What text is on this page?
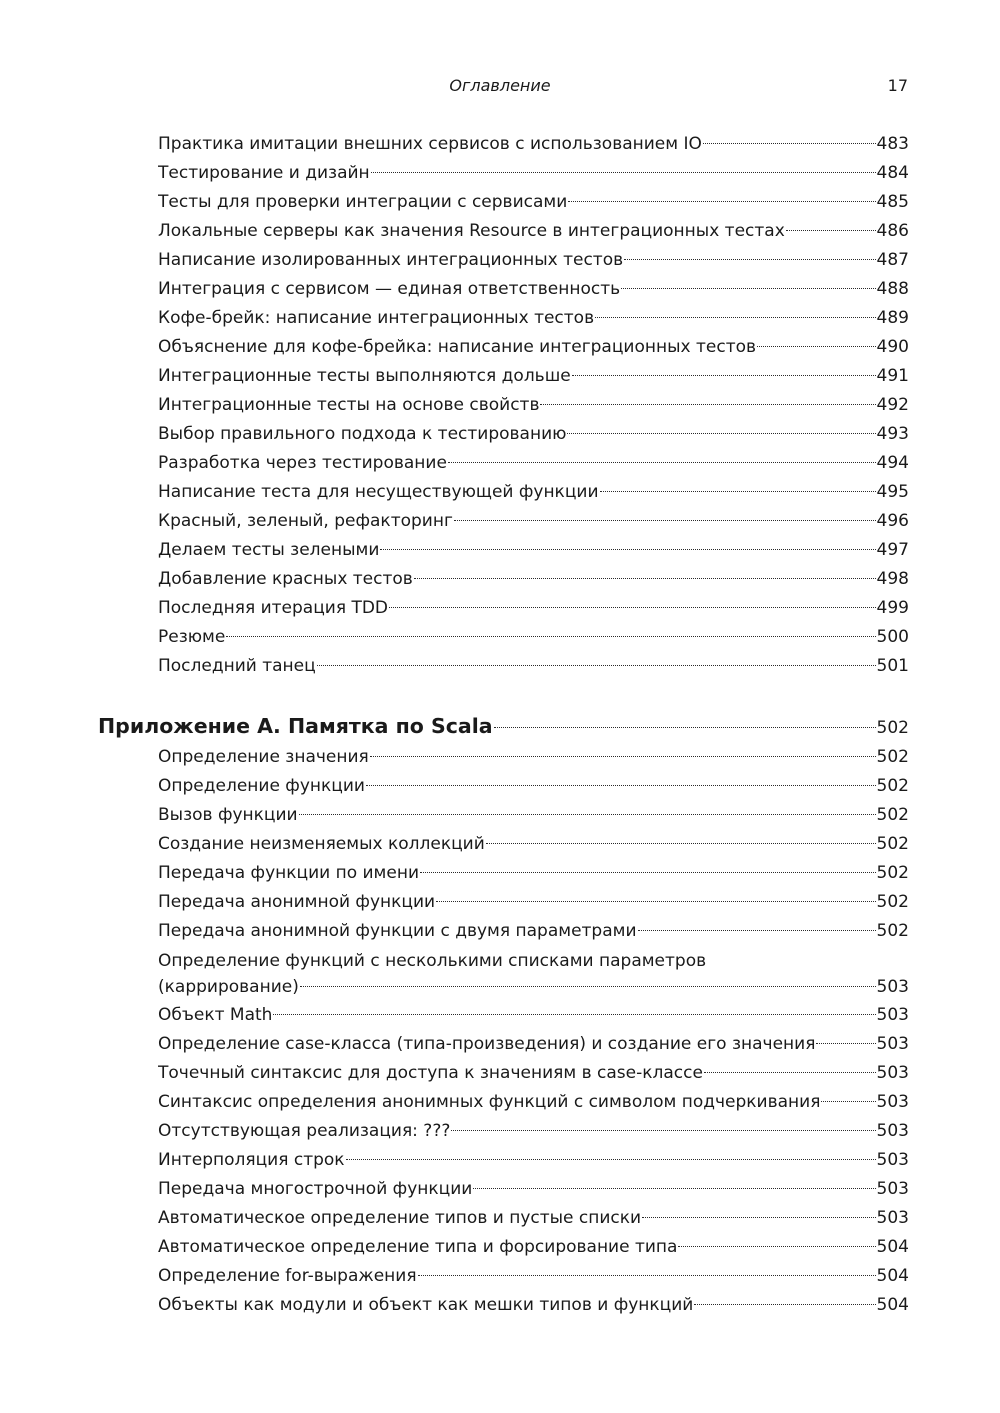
Оглавление	17
Практика имитации внешних сервисов с использованием IO	483
Тестирование и дизайн	484
Тесты для проверки интеграции с сервисами	485
Локальные серверы как значения Resource в интеграционных тестах	486
Написание изолированных интеграционных тестов	487
Интеграция с сервисом — единая ответственность	488
Кофе-брейк: написание интеграционных тестов	489
Объяснение для кофе-брейка: написание интеграционных тестов	490
Интеграционные тесты выполняются дольше	491
Интеграционные тесты на основе свойств	492
Выбор правильного подхода к тестированию	493
Разработка через тестирование	494
Написание теста для несуществующей функции	495
Красный, зеленый, рефакторинг	496
Делаем тесты зелеными	497
Добавление красных тестов	498
Последняя итерация TDD	499
Резюме	500
Последний танец	501
Приложение А. Памятка по Scala	502
Определение значения	502
Определение функции	502
Вызов функции	502
Создание неизменяемых коллекций	502
Передача функции по имени	502
Передача анонимной функции	502
Передача анонимной функции с двумя параметрами	502
Определение функций с несколькими списками параметров
(каррирование)	503
Объект Math	503
Определение case-класса (типа-произведения) и создание его значения	503
Точечный синтаксис для доступа к значениям в case-классе	503
Синтаксис определения анонимных функций с символом подчеркивания	503
Отсутствующая реализация: ???	503
Интерполяция строк	503
Передача многострочной функции	503
Автоматическое определение типов и пустые списки	503
Автоматическое определение типа и форсирование типа	504
Определение for-выражения	504
Объекты как модули и объект как мешки типов и функций	504
